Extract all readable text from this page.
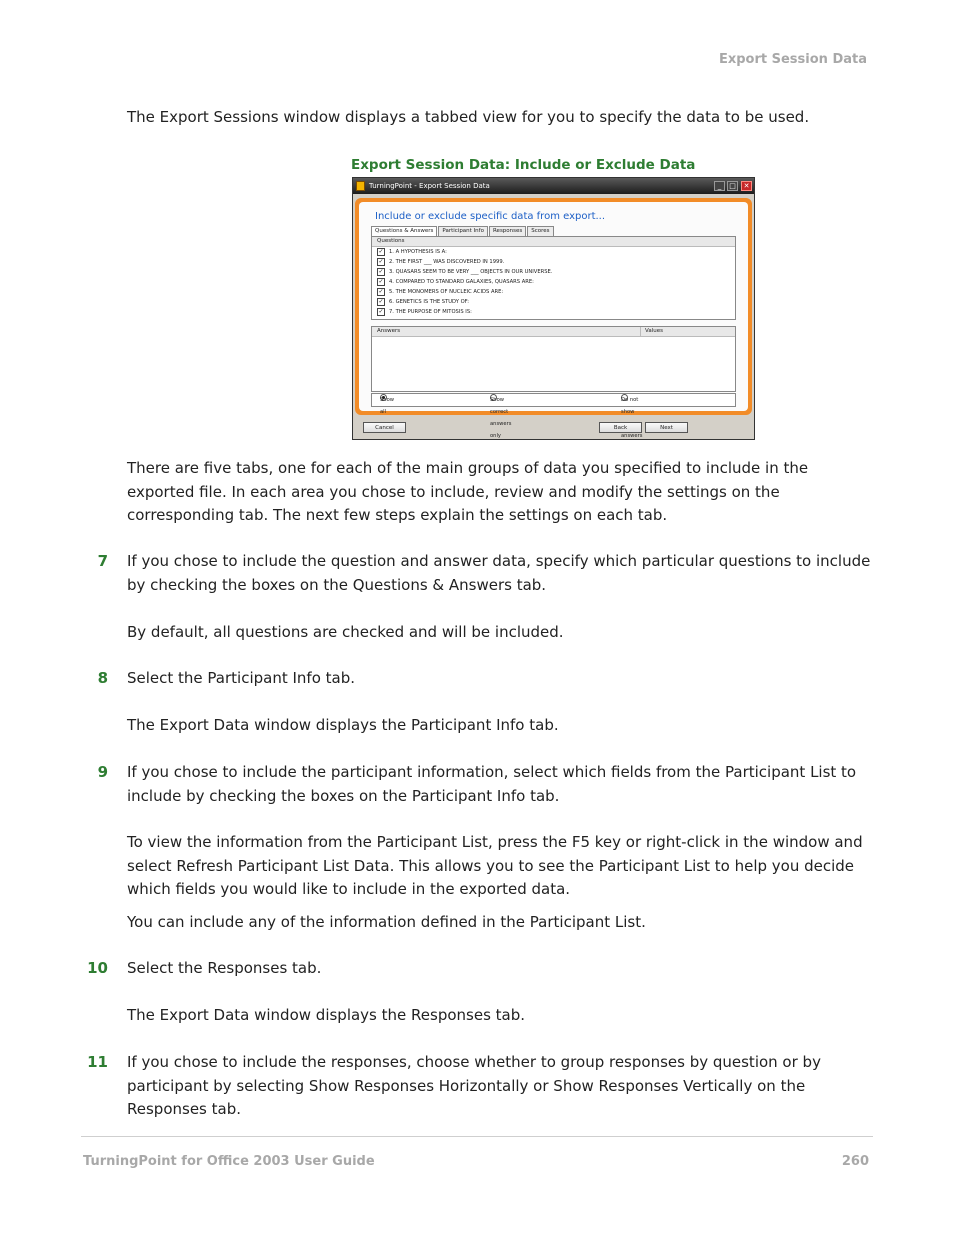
Export Session Data
The Export Sessions window displays a tabbed view for you to specify the data to be used.
Export Session Data: Include or Exclude Data
TurningPoint - Export Session Data	_	□	✕
Include or exclude specific data from export...
Questions & Answers Participant Info Responses Scores
Questions
✓ 1. A HYPOTHESIS IS A:
✓ 2. THE FIRST ___ WAS DISCOVERED IN 1999.
✓ 3. QUASARS SEEM TO BE VERY ___ OBJECTS IN OUR UNIVERSE.
✓ 4. COMPARED TO STANDARD GALAXIES, QUASARS ARE:
✓ 5. THE MONOMERS OF NUCLEIC ACIDS ARE:
✓ 6. GENETICS IS THE STUDY OF:
✓ 7. THE PURPOSE OF MITOSIS IS:
Answers	Values
Show all
Show correct answers only
Do not show answers
Cancel	Back	Next
There are five tabs, one for each of the main groups of data you specified to include in the exported file. In each area you chose to include, review and modify the settings on the corresponding tab. The next few steps explain the settings on each tab.
7 If you chose to include the question and answer data, specify which particular questions to include by checking the boxes on the Questions & Answers tab.
By default, all questions are checked and will be included.
8 Select the Participant Info tab.
The Export Data window displays the Participant Info tab.
9 If you chose to include the participant information, select which fields from the Participant List to include by checking the boxes on the Participant Info tab.
To view the information from the Participant List, press the F5 key or right-click in the window and select Refresh Participant List Data. This allows you to see the Participant List to help you decide which fields you would like to include in the exported data.
You can include any of the information defined in the Participant List.
10 Select the Responses tab.
The Export Data window displays the Responses tab.
11 If you chose to include the responses, choose whether to group responses by question or by participant by selecting Show Responses Horizontally or Show Responses Vertically on the Responses tab.
TurningPoint for Office 2003 User Guide	260
